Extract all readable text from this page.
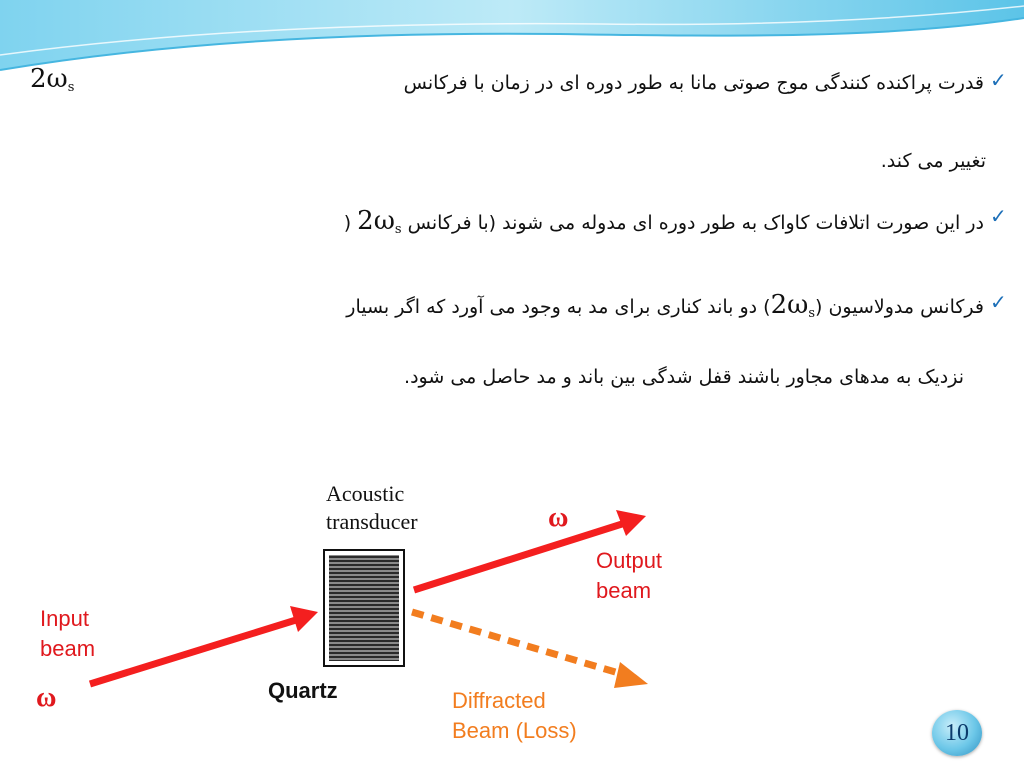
✓
قدرت پراکنده کنندگی موج صوتی مانا به طور دوره ای در زمان با فرکانس
$2\omega_s$
تغییر می کند.
✓
در این صورت اتلافات کاواک به طور دوره ای مدوله می شوند (با فرکانس $2\omega_s$ )
✓
فرکانس مدولاسیون $(2\omega_s)$ دو باند کناری برای مد به وجود می آورد که اگر بسیار
نزدیک به مدهای مجاور باشند قفل شدگی بین باند و مد حاصل می شود.
Acoustic
transducer
Input
beam
Output
beam
Diffracted
Beam (Loss)
Quartz
ω
ω
10
